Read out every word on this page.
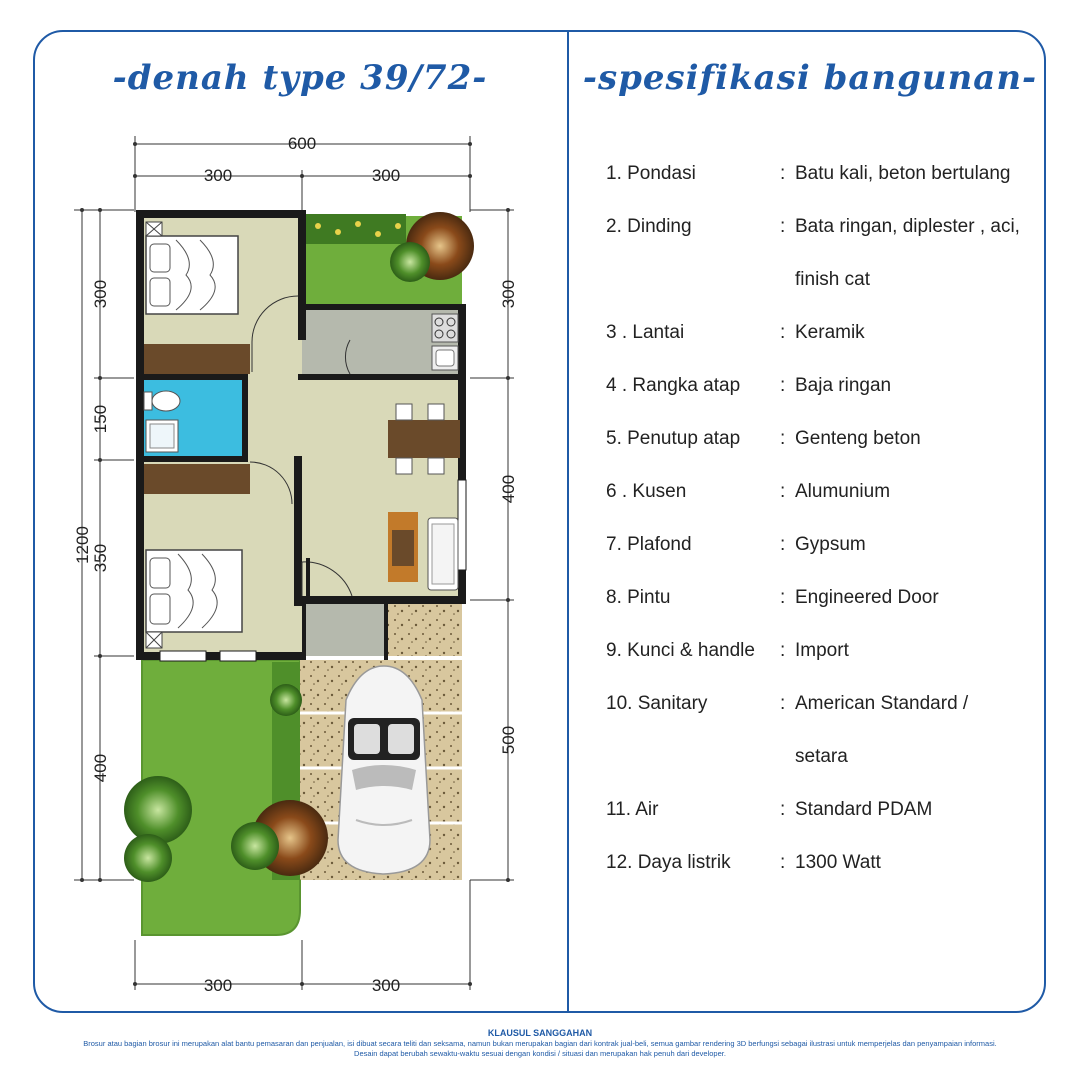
-denah type 39/72-	-spesifikasi bangunan-
600
300	300
300	300
300
150
350
400
1200
300
400
500
1. Pondasi	: Batu kali, beton bertulang
2. Dinding	: Bata ringan, diplester , aci,
finish cat
3 . Lantai	: Keramik
4 . Rangka atap : Baja ringan
5. Penutup atap : Genteng beton
6 . Kusen	: Alumunium
7. Plafond	: Gypsum
8. Pintu	: Engineered Door
9. Kunci & handle : Import
10. Sanitary	: American Standard /
setara
11. Air	: Standard PDAM
12. Daya listrik	: 1300 Watt
KLAUSUL SANGGAHAN
Brosur atau bagian brosur ini merupakan alat bantu pemasaran dan penjualan, isi dibuat secara teliti dan seksama, namun bukan merupakan bagian dari kontrak jual-beli, semua gambar rendering 3D berfungsi sebagai ilustrasi untuk memperjelas dan penyampaian informasi.
Desain dapat berubah sewaktu-waktu sesuai dengan kondisi / situasi dan merupakan hak penuh dari developer.
